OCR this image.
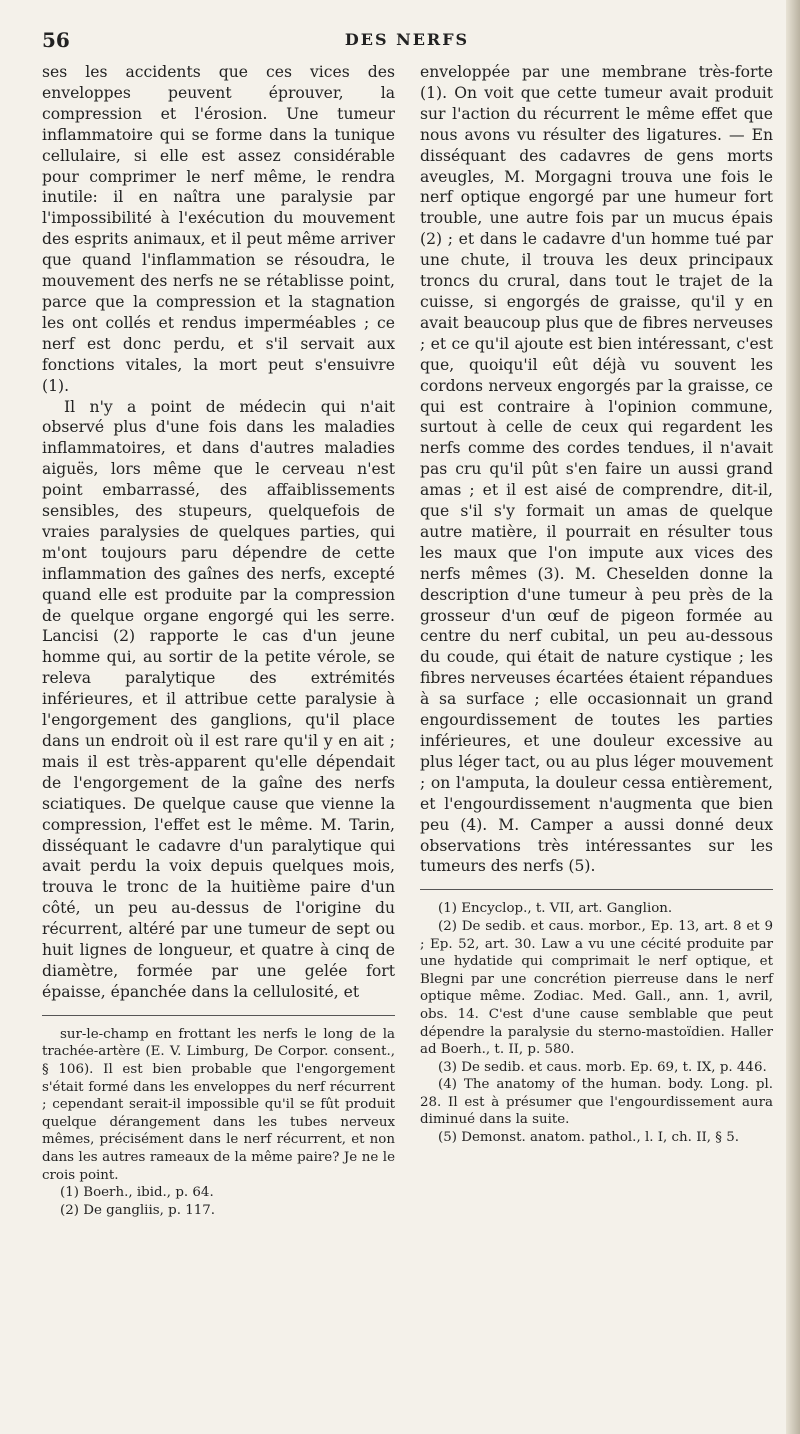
56	DES NERFS

ses les accidents que ces vices des enveloppes peuvent éprouver, la compression et l'érosion. Une tumeur inflammatoire qui se forme dans la tunique cellulaire, si elle est assez considérable pour comprimer le nerf même, le rendra inutile: il en naîtra une paralysie par l'impossibilité à l'exécution du mouvement des esprits animaux, et il peut même arriver que quand l'inflammation se résoudra, le mouvement des nerfs ne se rétablisse point, parce que la compression et la stagnation les ont collés et rendus imperméables ; ce nerf est donc perdu, et s'il servait aux fonctions vitales, la mort peut s'ensuivre (1).

Il n'y a point de médecin qui n'ait observé plus d'une fois dans les maladies inflammatoires, et dans d'autres maladies aiguës, lors même que le cerveau n'est point embarrassé, des affaiblissements sensibles, des stupeurs, quelquefois de vraies paralysies de quelques parties, qui m'ont toujours paru dépendre de cette inflammation des gaînes des nerfs, excepté quand elle est produite par la compression de quelque organe engorgé qui les serre. Lancisi (2) rapporte le cas d'un jeune homme qui, au sortir de la petite vérole, se releva paralytique des extrémités inférieures, et il attribue cette paralysie à l'engorgement des ganglions, qu'il place dans un endroit où il est rare qu'il y en ait ; mais il est très-apparent qu'elle dépendait de l'engorgement de la gaîne des nerfs sciatiques. De quelque cause que vienne la compression, l'effet est le même. M. Tarin, disséquant le cadavre d'un paralytique qui avait perdu la voix depuis quelques mois, trouva le tronc de la huitième paire d'un côté, un peu au-dessus de l'origine du récurrent, altéré par une tumeur de sept ou huit lignes de longueur, et quatre à cinq de diamètre, formée par une gelée fort épaisse, épanchée dans la cellulosité, et

sur-le-champ en frottant les nerfs le long de la trachée-artère (E. V. Limburg, De Corpor. consent., § 106). Il est bien probable que l'engorgement s'était formé dans les enveloppes du nerf récurrent ; cependant serait-il impossible qu'il se fût produit quelque dérangement dans les tubes nerveux mêmes, précisément dans le nerf récurrent, et non dans les autres rameaux de la même paire? Je ne le crois point.

(1) Boerh., ibid., p. 64.

(2) De gangliis, p. 117.

enveloppée par une membrane très-forte (1). On voit que cette tumeur avait produit sur l'action du récurrent le même effet que nous avons vu résulter des ligatures. — En disséquant des cadavres de gens morts aveugles, M. Morgagni trouva une fois le nerf optique engorgé par une humeur fort trouble, une autre fois par un mucus épais (2) ; et dans le cadavre d'un homme tué par une chute, il trouva les deux principaux troncs du crural, dans tout le trajet de la cuisse, si engorgés de graisse, qu'il y en avait beaucoup plus que de fibres nerveuses ; et ce qu'il ajoute est bien intéressant, c'est que, quoiqu'il eût déjà vu souvent les cordons nerveux engorgés par la graisse, ce qui est contraire à l'opinion commune, surtout à celle de ceux qui regardent les nerfs comme des cordes tendues, il n'avait pas cru qu'il pût s'en faire un aussi grand amas ; et il est aisé de comprendre, dit-il, que s'il s'y formait un amas de quelque autre matière, il pourrait en résulter tous les maux que l'on impute aux vices des nerfs mêmes (3). M. Cheselden donne la description d'une tumeur à peu près de la grosseur d'un œuf de pigeon formée au centre du nerf cubital, un peu au-dessous du coude, qui était de nature cystique ; les fibres nerveuses écartées étaient répandues à sa surface ; elle occasionnait un grand engourdissement de toutes les parties inférieures, et une douleur excessive au plus léger tact, ou au plus léger mouvement ; on l'amputa, la douleur cessa entièrement, et l'engourdissement n'augmenta que bien peu (4). M. Camper a aussi donné deux observations très intéressantes sur les tumeurs des nerfs (5).

(1) Encyclop., t. VII, art. Ganglion.

(2) De sedib. et caus. morbor., Ep. 13, art. 8 et 9 ; Ep. 52, art. 30. Law a vu une cécité produite par une hydatide qui comprimait le nerf optique, et Blegni par une concrétion pierreuse dans le nerf optique même. Zodiac. Med. Gall., ann. 1, avril, obs. 14. C'est d'une cause semblable que peut dépendre la paralysie du sterno-mastoïdien. Haller ad Boerh., t. II, p. 580.

(3) De sedib. et caus. morb. Ep. 69, t. IX, p. 446.

(4) The anatomy of the human. body. Long. pl. 28. Il est à présumer que l'engourdissement aura diminué dans la suite.

(5) Demonst. anatom. pathol., l. I, ch. II, § 5.
